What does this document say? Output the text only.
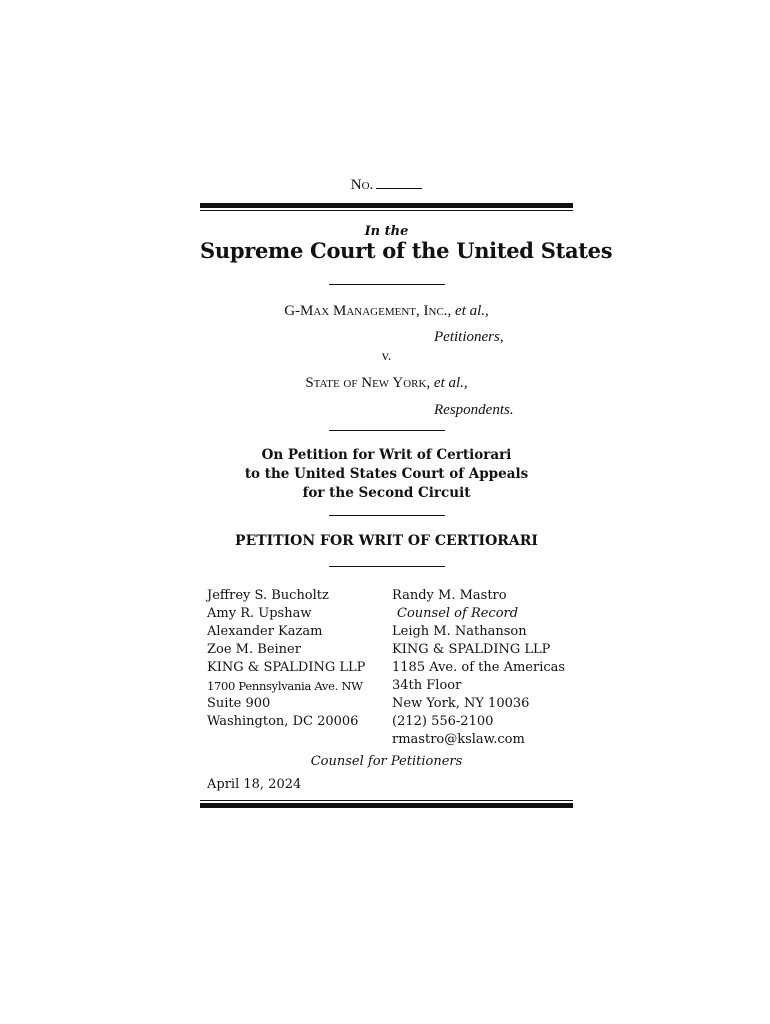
No.
In the
Supreme Court of the United States
G-Max Management, Inc., et al.,
Petitioners,
v.
State of New York, et al.,
Respondents.
On Petition for Writ of Certiorari
to the United States Court of Appeals
for the Second Circuit
PETITION FOR WRIT OF CERTIORARI
Jeffrey S. Bucholtz
Amy R. Upshaw
Alexander Kazam
Zoe M. Beiner
KING & SPALDING LLP
1700 Pennsylvania Ave. NW
Suite 900
Washington, DC 20006
Randy M. Mastro
Counsel of Record
Leigh M. Nathanson
KING & SPALDING LLP
1185 Ave. of the Americas
34th Floor
New York, NY 10036
(212) 556-2100
rmastro@kslaw.com
Counsel for Petitioners
April 18, 2024
